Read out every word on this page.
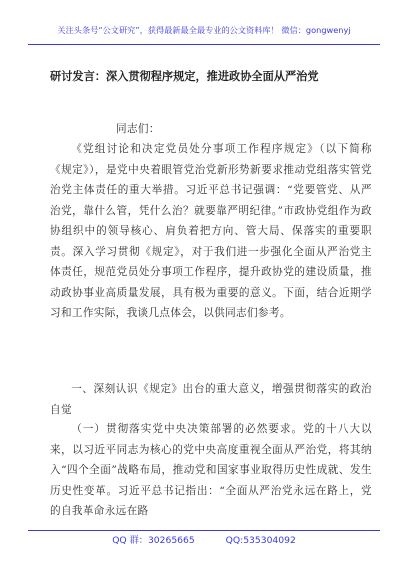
关注头条号“公文研究”，获得最新最全最专业的公文资料库！ 微信：gongwenyj
研讨发言：深入贯彻程序规定，推进政协全面从严治党
同志们：
《党组讨论和决定党员处分事项工作程序规定》（以下简称《规定》），是党中央着眼管党治党新形势新要求推动党组落实管党治党主体责任的重大举措。习近平总书记强调：“党要管党、从严治党，靠什么管，凭什么治？就要靠严明纪律。”市政协党组作为政协组织中的领导核心、肩负着把方向、管大局、保落实的重要职责。深入学习贯彻《规定》，对于我们进一步强化全面从严治党主体责任，规范党员处分事项工作程序，提升政协党的建设质量，推动政协事业高质量发展，具有极为重要的意义。下面，结合近期学习和工作实际，我谈几点体会，以供同志们参考。
一、深刻认识《规定》出台的重大意义，增强贯彻落实的政治自觉
（一）贯彻落实党中央决策部署的必然要求。党的十八大以来，以习近平同志为核心的党中央高度重视全面从严治党，将其纳入“四个全面”战略布局，推动党和国家事业取得历史性成就、发生历史性变革。习近平总书记指出：“全面从严治党永远在路上，党的自我革命永远在路
QQ 群：30265665	QQ:535304092
